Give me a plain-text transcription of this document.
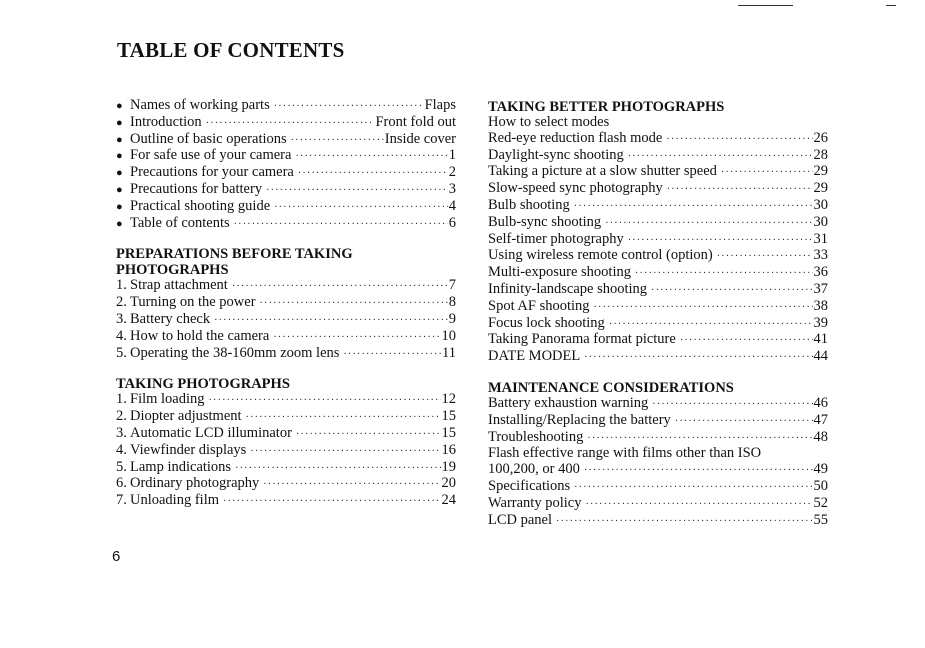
TABLE OF CONTENTS
● Names of working parts ·····	Flaps
● Introduction ·····	Front fold out
● Outline of basic operations ·····	Inside cover
● For safe use of your camera ·····	1
● Precautions for your camera ·····	2
● Precautions for battery ·····	3
● Practical shooting guide ·····	4
● Table of contents ·····	6
PREPARATIONS BEFORE TAKING
PHOTOGRAPHS
1. Strap attachment ·····	7
2. Turning on the power ·····	8
3. Battery check ·····	9
4. How to hold the camera ·····	10
5. Operating the 38-160mm zoom lens ·····	11
TAKING PHOTOGRAPHS
1. Film loading ·····	12
2. Diopter adjustment ·····	15
3. Automatic LCD illuminator ·····	15
4. Viewfinder displays ·····	16
5. Lamp indications ·····	19
6. Ordinary photography ·····	20
7. Unloading film ·····	24
TAKING BETTER PHOTOGRAPHS
How to select modes
Red-eye reduction flash mode ·····	26
Daylight-sync shooting ·····	28
Taking a picture at a slow shutter speed ·····	29
Slow-speed sync photography ·····	29
Bulb shooting ·····	30
Bulb-sync shooting ·····	30
Self-timer photography ·····	31
Using wireless remote control (option) ·····	33
Multi-exposure shooting ·····	36
Infinity-landscape shooting ·····	37
Spot AF shooting ·····	38
Focus lock shooting ·····	39
Taking Panorama format picture ·····	41
DATE MODEL ·····	44
MAINTENANCE CONSIDERATIONS
Battery exhaustion warning ·····	46
Installing/Replacing the battery ·····	47
Troubleshooting ·····	48
Flash effective range with films other than ISO
100,200, or 400 ·····	49
Specifications ·····	50
Warranty policy ·····	52
LCD panel ·····	55
6
